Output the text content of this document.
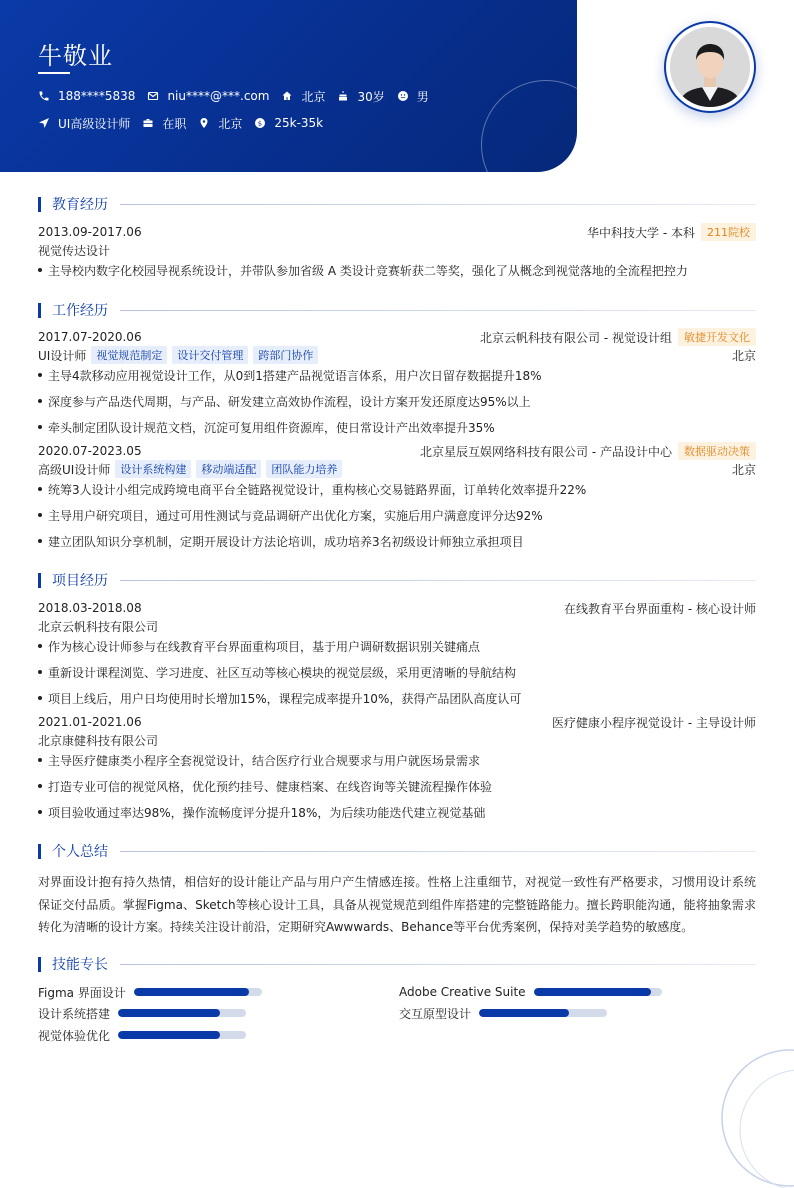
牛敬业
188****5838	niu****@***.com	北京	30岁	男
UI高级设计师	在职	北京 $ 25k-35k
教育经历
2013.09-2017.06	华中科技大学 - 本科	211院校
视觉传达设计
主导校内数字化校园导视系统设计，并带队参加省级 A 类设计竞赛斩获二等奖，强化了从概念到视觉落地的全流程把控力
工作经历
2017.07-2020.06	北京云帆科技有限公司 - 视觉设计组	敏捷开发文化
UI设计师 视觉规范制定	设计交付管理	跨部门协作	北京
主导4款移动应用视觉设计工作，从0到1搭建产品视觉语言体系，用户次日留存数据提升18%
深度参与产品迭代周期，与产品、研发建立高效协作流程，设计方案开发还原度达95%以上
牵头制定团队设计规范文档，沉淀可复用组件资源库，使日常设计产出效率提升35%
2020.07-2023.05	北京星辰互娱网络科技有限公司 - 产品设计中心	数据驱动决策
高级UI设计师 设计系统构建	移动端适配	团队能力培养	北京
统筹3人设计小组完成跨境电商平台全链路视觉设计，重构核心交易链路界面，订单转化效率提升22%
主导用户研究项目，通过可用性测试与竞品调研产出优化方案，实施后用户满意度评分达92%
建立团队知识分享机制，定期开展设计方法论培训，成功培养3名初级设计师独立承担项目
项目经历
2018.03-2018.08	在线教育平台界面重构 - 核心设计师
北京云帆科技有限公司
作为核心设计师参与在线教育平台界面重构项目，基于用户调研数据识别关键痛点
重新设计课程浏览、学习进度、社区互动等核心模块的视觉层级，采用更清晰的导航结构
项目上线后，用户日均使用时长增加15%，课程完成率提升10%，获得产品团队高度认可
2021.01-2021.06	医疗健康小程序视觉设计 - 主导设计师
北京康健科技有限公司
主导医疗健康类小程序全套视觉设计，结合医疗行业合规要求与用户就医场景需求
打造专业可信的视觉风格，优化预约挂号、健康档案、在线咨询等关键流程操作体验
项目验收通过率达98%，操作流畅度评分提升18%，为后续功能迭代建立视觉基础
个人总结
对界面设计抱有持久热情，相信好的设计能让产品与用户产生情感连接。性格上注重细节，对视觉一致性有严格要求，习惯用设计系统保证交付品质。掌握Figma、Sketch等核心设计工具，具备从视觉规范到组件库搭建的完整链路能力。擅长跨职能沟通，能将抽象需求转化为清晰的设计方案。持续关注设计前沿，定期研究Awwwards、Behance等平台优秀案例，保持对美学趋势的敏感度。
技能专长
Figma 界面设计	Adobe Creative Suite
设计系统搭建	交互原型设计
视觉体验优化
